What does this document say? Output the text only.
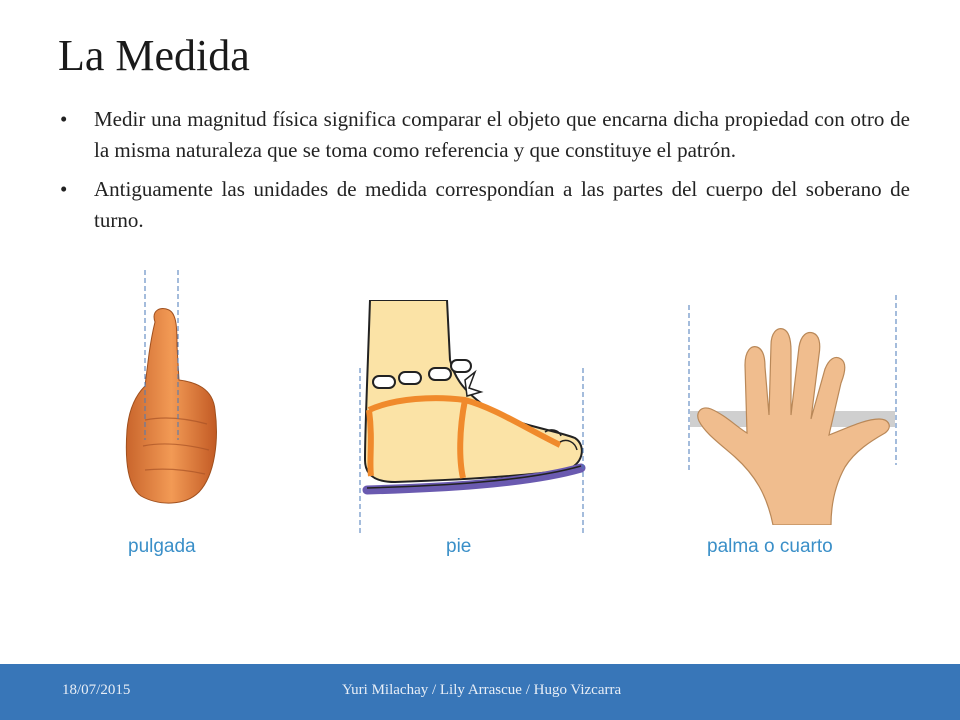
La Medida
• Medir una magnitud física significa comparar el objeto que encarna dicha propiedad con otro de la misma naturaleza que se toma como referencia y que constituye el patrón.
• Antiguamente las unidades de medida correspondían a las partes del cuerpo del soberano de turno.
pulgada	pie	palma o cuarto
18/07/2015	Yuri Milachay / Lily Arrascue / Hugo Vizcarra
